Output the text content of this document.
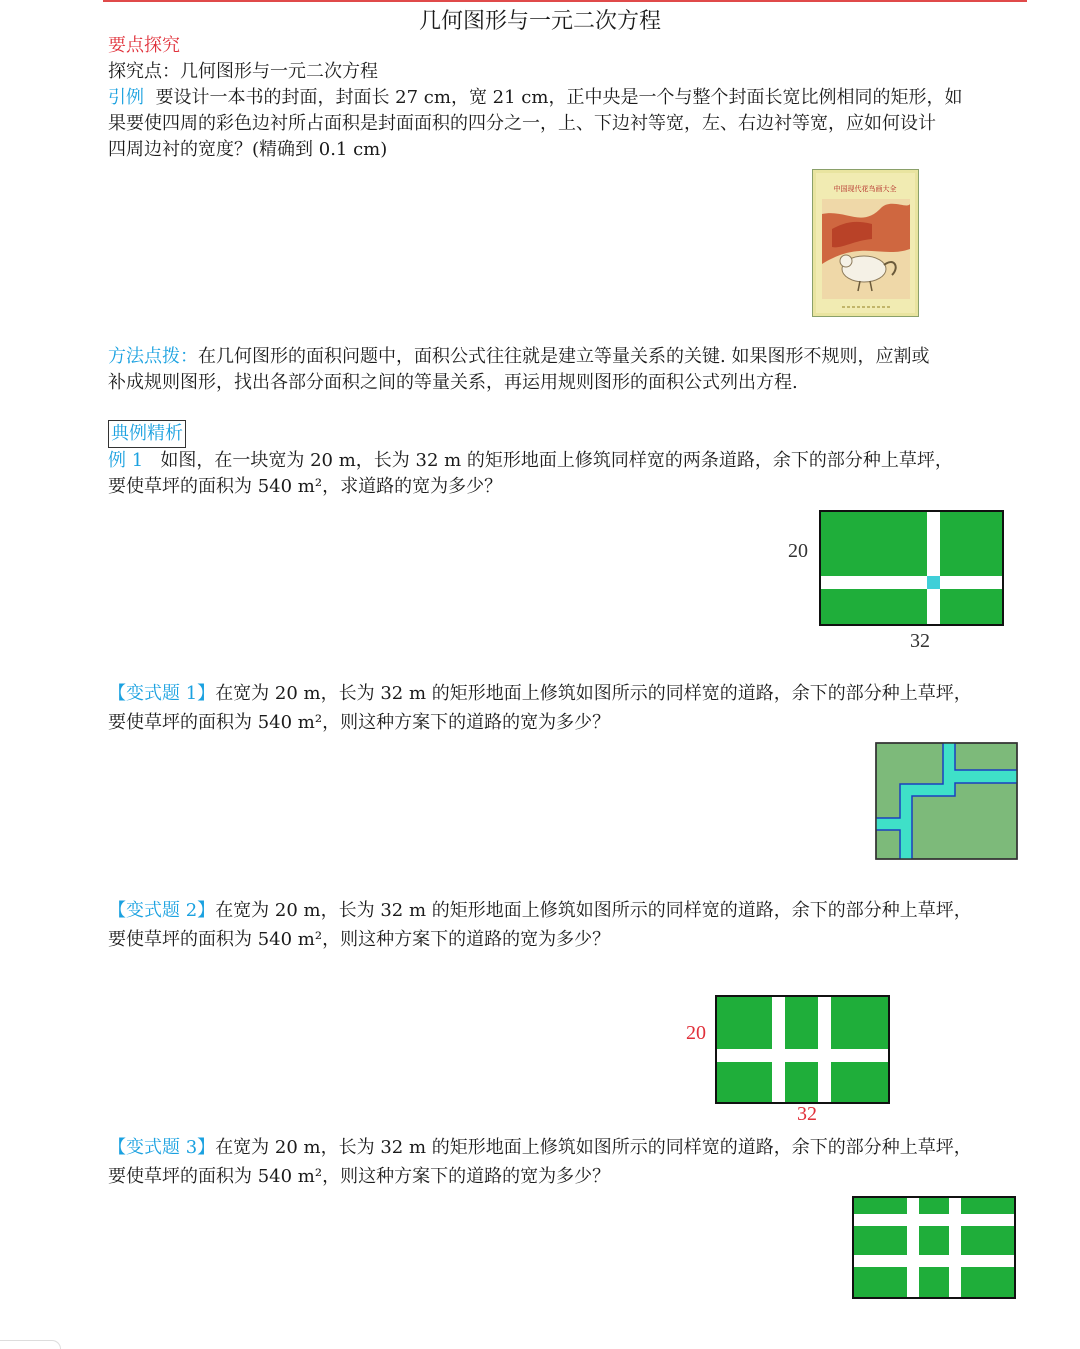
几何图形与一元二次方程
要点探究
探究点：几何图形与一元二次方程
引例 要设计一本书的封面，封面长 27 cm，宽 21 cm，正中央是一个与整个封面长宽比例相同的矩形，如
果要使四周的彩色边衬所占面积是封面面积的四分之一，上、下边衬等宽，左、右边衬等宽，应如何设计
四周边衬的宽度？(精确到 0.1 cm)
中国现代花鸟画大全
方法点拨：在几何图形的面积问题中，面积公式往往就是建立等量关系的关键. 如果图形不规则，应割或
补成规则图形，找出各部分面积之间的等量关系，再运用规则图形的面积公式列出方程.
典例精析
例 1 如图，在一块宽为 20 m，长为 32 m 的矩形地面上修筑同样宽的两条道路，余下的部分种上草坪，
要使草坪的面积为 540 m²，求道路的宽为多少？
20
32
【变式题 1】在宽为 20 m，长为 32 m 的矩形地面上修筑如图所示的同样宽的道路，余下的部分种上草坪，
要使草坪的面积为 540 m²，则这种方案下的道路的宽为多少？
【变式题 2】在宽为 20 m，长为 32 m 的矩形地面上修筑如图所示的同样宽的道路，余下的部分种上草坪，
要使草坪的面积为 540 m²，则这种方案下的道路的宽为多少？
20
32
【变式题 3】在宽为 20 m，长为 32 m 的矩形地面上修筑如图所示的同样宽的道路，余下的部分种上草坪，
要使草坪的面积为 540 m²，则这种方案下的道路的宽为多少？
